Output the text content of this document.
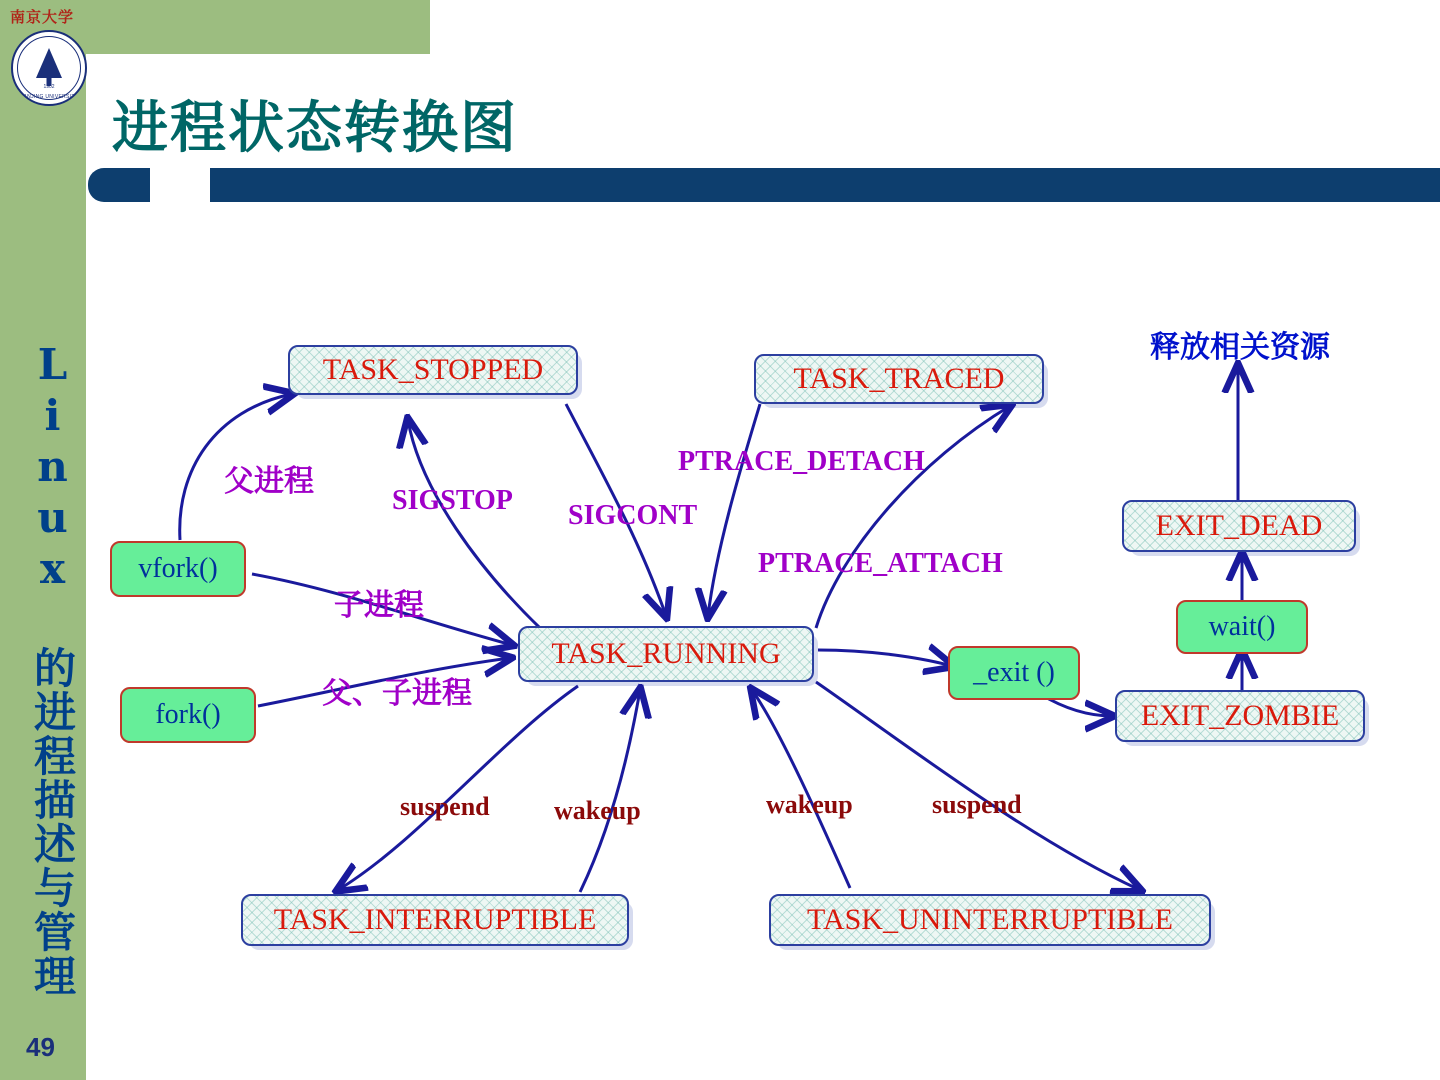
南京大学
1902
NANJING UNIVERSITY
Linux 的进程描述与管理
49
进程状态转换图
TASK_STOPPED	TASK_TRACED
TASK_RUNNING
TASK_INTERRUPTIBLE	TASK_UNINTERRUPTIBLE
EXIT_DEAD
EXIT_ZOMBIE
vfork()
fork()
_exit ()
wait()
父进程
子进程
父、子进程
SIGSTOP SIGCONT
PTRACE_DETACH
PTRACE_ATTACH
suspend wakeup	wakeup	suspend
释放相关资源
